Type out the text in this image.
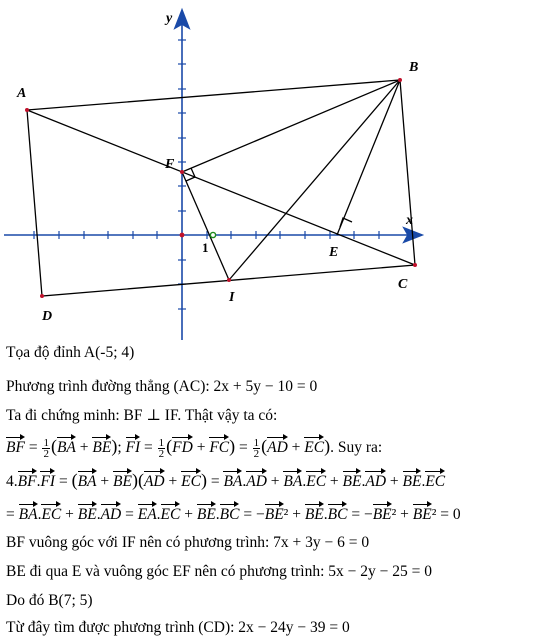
A
B
C
D
E
F
I
x
y
1
Tọa độ đỉnh A(-5; 4)
Phương trình đường thẳng (AC): 2x + 5y − 10 = 0
Ta đi chứng minh: BF ⊥ IF. Thật vậy ta có:
BF = $\frac{1}{2} (BA + BE)$; FI = $\frac{1}{2} (FD + FC) = \frac{1}{2} (AD + EC)$. Suy ra:
4.BF.FI = (BA + BE)(AD + EC) = BA.AD + BA.EC + BE.AD + BE.EC
= BA.EC + BE.AD = EA.EC + BE.BC = −BE² + BE.BC = −BE² + BE² = 0
BF vuông góc với IF nên có phương trình: 7x + 3y − 6 = 0
BE đi qua E và vuông góc EF nên có phương trình: 5x − 2y − 25 = 0
Do đó B(7; 5)
Từ đây tìm được phương trình (CD): 2x − 24y − 39 = 0
